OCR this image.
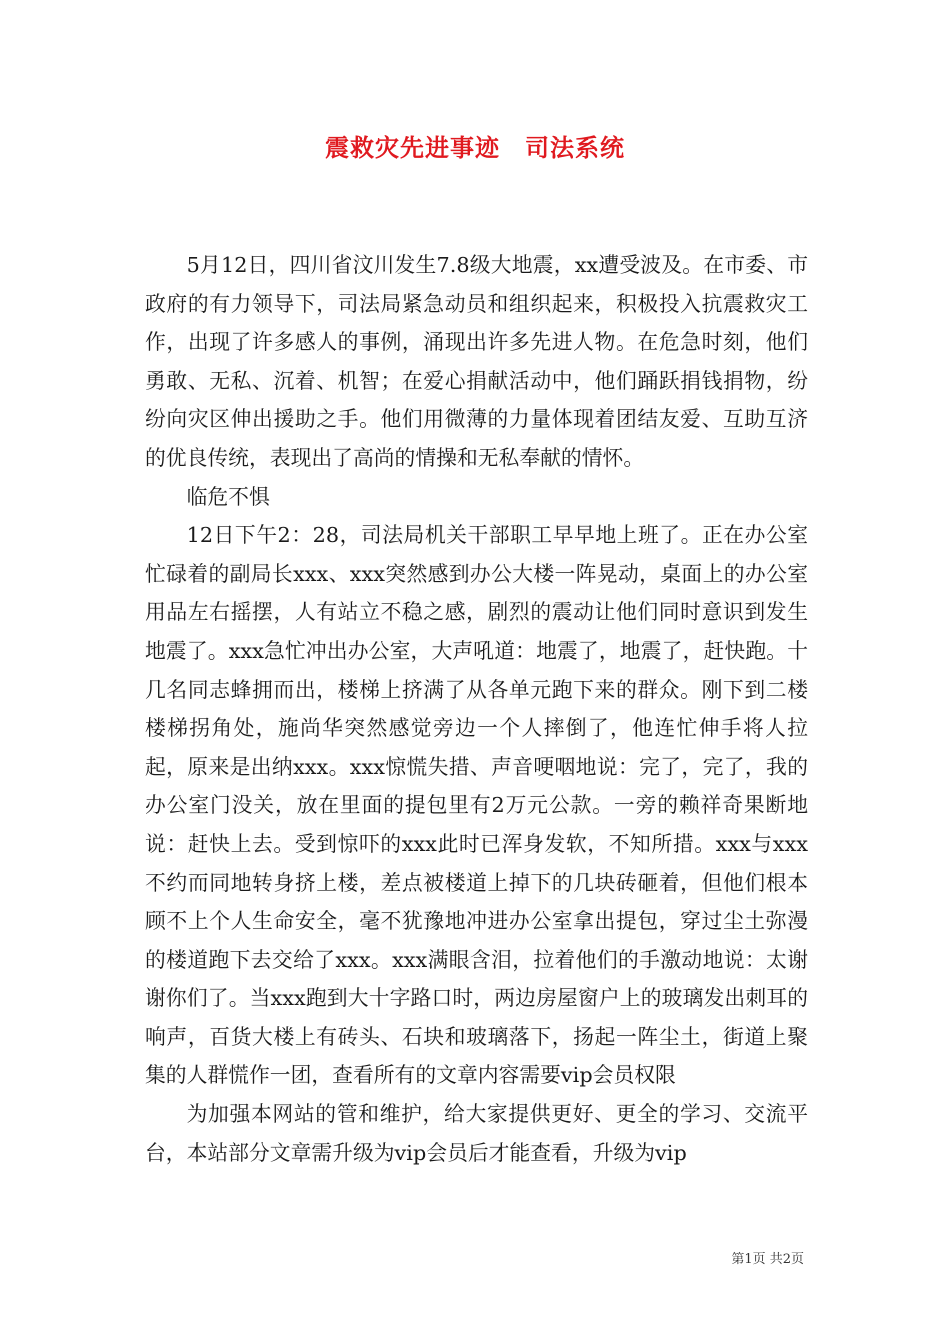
震救灾先进事迹　司法系统

5月12日，四川省汶川发生7.8级大地震，xx遭受波及。在市委、市政府的有力领导下，司法局紧急动员和组织起来，积极投入抗震救灾工作，出现了许多感人的事例，涌现出许多先进人物。在危急时刻，他们勇敢、无私、沉着、机智；在爱心捐献活动中，他们踊跃捐钱捐物，纷纷向灾区伸出援助之手。他们用微薄的力量体现着团结友爱、互助互济的优良传统，表现出了高尚的情操和无私奉献的情怀。

临危不惧

12日下午2：28，司法局机关干部职工早早地上班了。正在办公室忙碌着的副局长xxx、xxx突然感到办公大楼一阵晃动，桌面上的办公室用品左右摇摆，人有站立不稳之感，剧烈的震动让他们同时意识到发生地震了。xxx急忙冲出办公室，大声吼道：地震了，地震了，赶快跑。十几名同志蜂拥而出，楼梯上挤满了从各单元跑下来的群众。刚下到二楼楼梯拐角处，施尚华突然感觉旁边一个人摔倒了，他连忙伸手将人拉起，原来是出纳xxx。xxx惊慌失措、声音哽咽地说：完了，完了，我的办公室门没关，放在里面的提包里有2万元公款。一旁的赖祥奇果断地说：赶快上去。受到惊吓的xxx此时已浑身发软，不知所措。xxx与xxx不约而同地转身挤上楼，差点被楼道上掉下的几块砖砸着，但他们根本顾不上个人生命安全，毫不犹豫地冲进办公室拿出提包，穿过尘土弥漫的楼道跑下去交给了xxx。xxx满眼含泪，拉着他们的手激动地说：太谢谢你们了。当xxx跑到大十字路口时，两边房屋窗户上的玻璃发出刺耳的响声，百货大楼上有砖头、石块和玻璃落下，扬起一阵尘土，街道上聚集的人群慌作一团，查看所有的文章内容需要vip会员权限

为加强本网站的管和维护，给大家提供更好、更全的学习、交流平台，本站部分文章需升级为vip会员后才能查看，升级为vip

第1页 共2页
